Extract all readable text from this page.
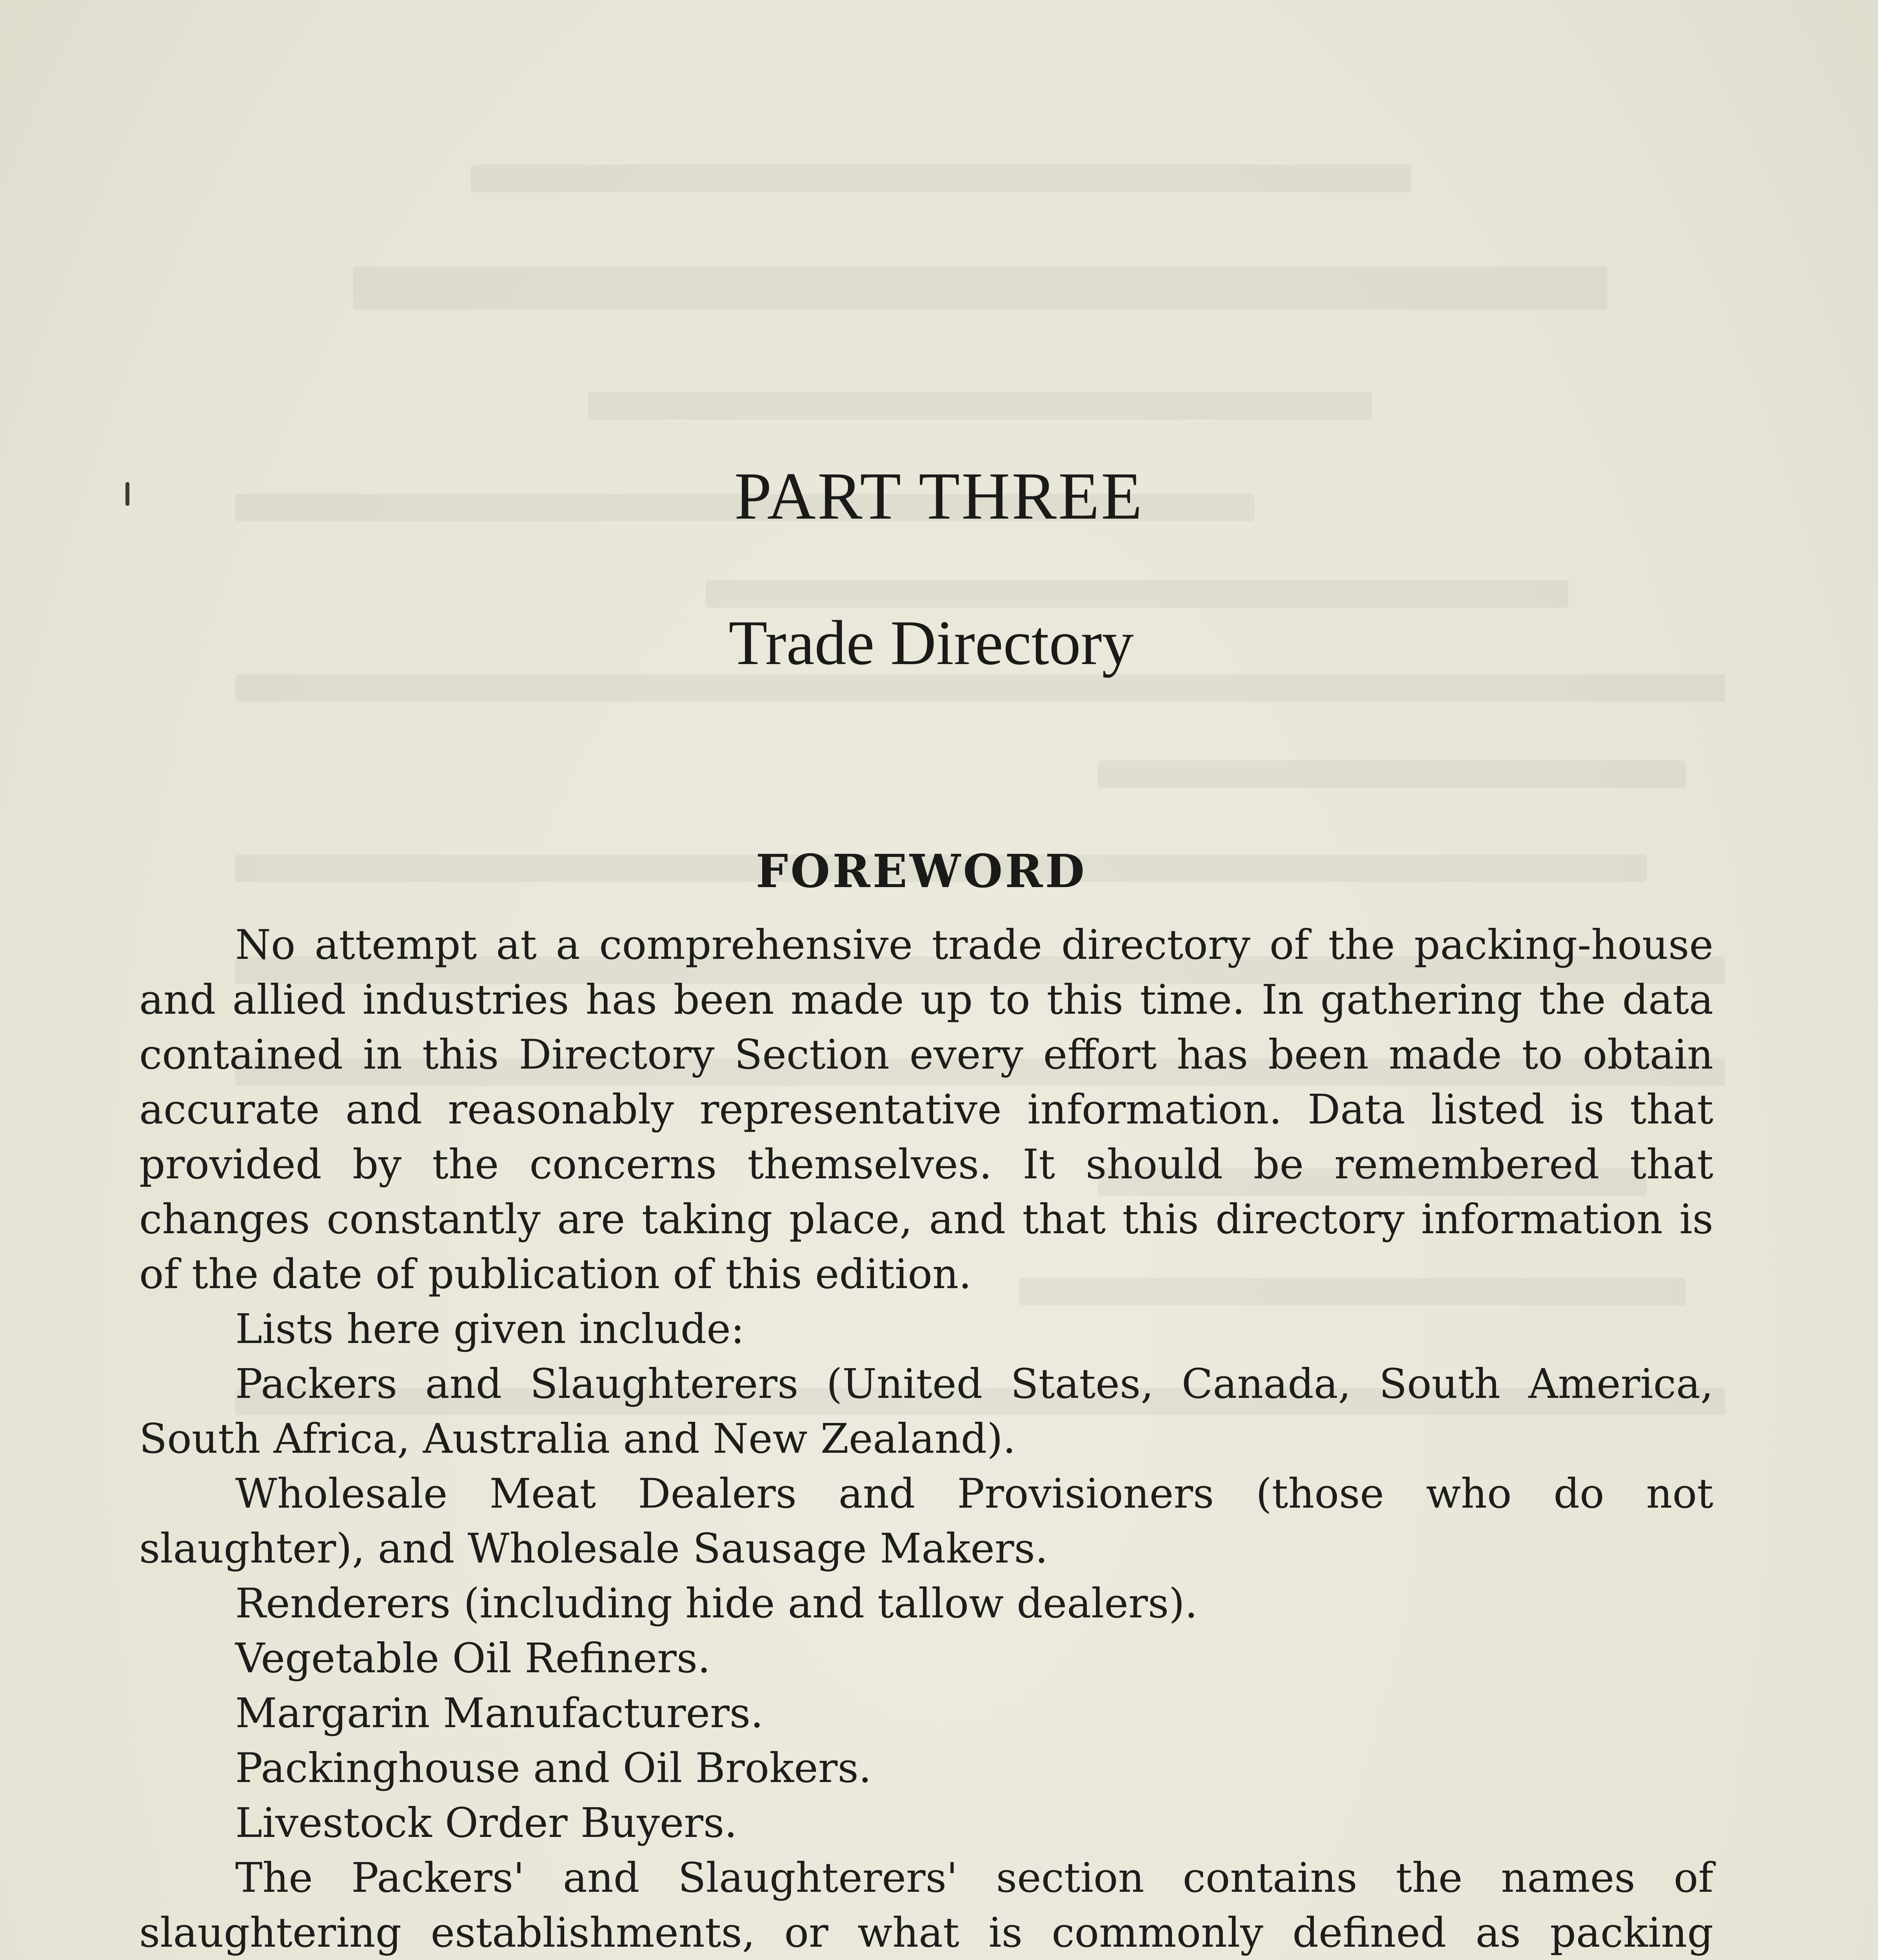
PART THREE
Trade Directory
FOREWORD

No attempt at a comprehensive trade directory of the packing-house and allied industries has been made up to this time. In gathering the data contained in this Directory Section every effort has been made to obtain accurate and reasonably representative information. Data listed is that provided by the concerns themselves. It should be remembered that changes constantly are taking place, and that this directory information is of the date of publication of this edition.

Lists here given include:

Packers and Slaughterers (United States, Canada, South America, South Africa, Australia and New Zealand).

Wholesale Meat Dealers and Provisioners (those who do not slaughter), and Wholesale Sausage Makers.

Renderers (including hide and tallow dealers).

Vegetable Oil Refiners.

Margarin Manufacturers.

Packinghouse and Oil Brokers.

Livestock Order Buyers.

The Packers' and Slaughterers' section contains the names of slaughtering establishments, or what is commonly defined as packing
